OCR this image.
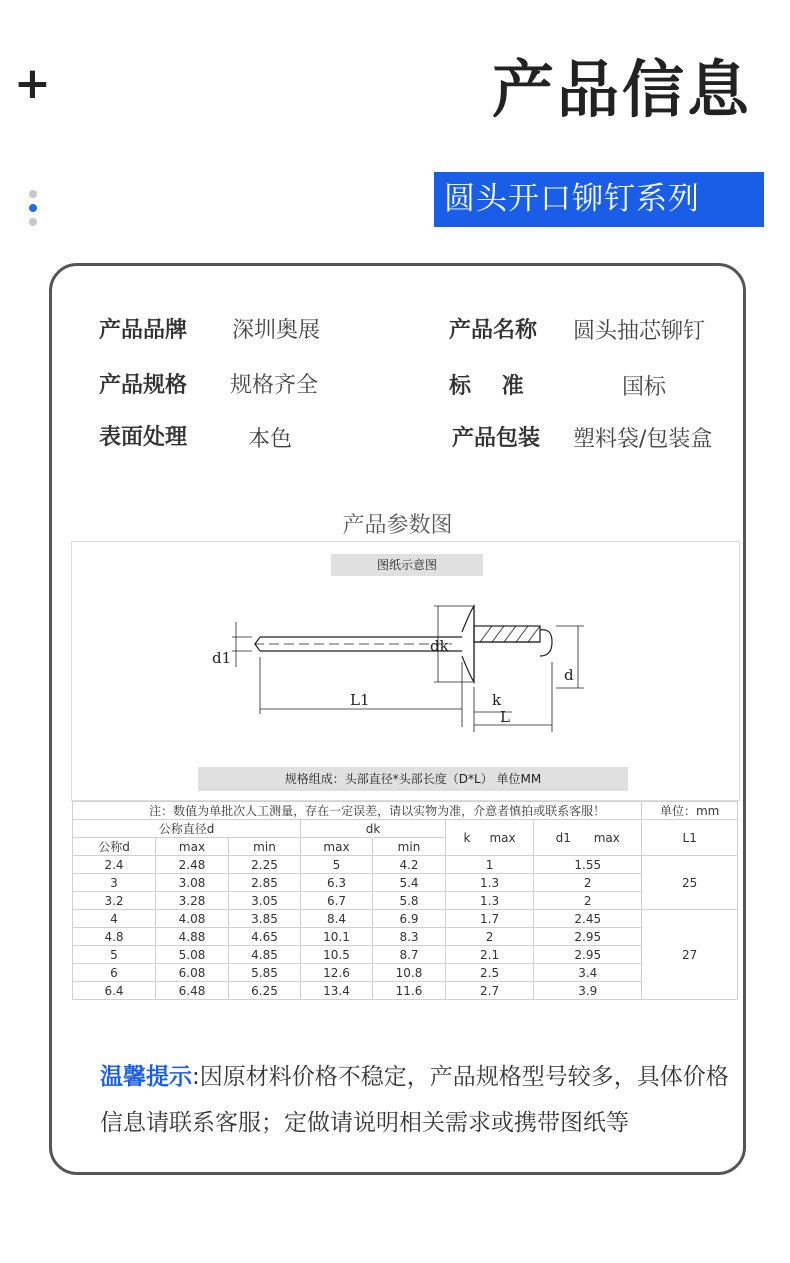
+	产品信息
圆头开口铆钉系列
产品品牌 深圳奥展	产品名称 圆头抽芯铆钉
产品规格 规格齐全	标    准	国标
表面处理	本色	产品包装 塑料袋/包装盒
产品参数图
图纸示意图
d1
dk
L1	k
L
d
规格组成：头部直径*头部长度（D*L） 单位MM
注：数值为单批次人工测量，存在一定误差，请以实物为准，介意者慎拍或联系客服！							单位：mm
公称直径d			dk		k     max	d1      max	L1
公称d	max	min	max	min			
2.4	2.48	2.25	5	4.2	1	1.55	25
3	3.08	2.85	6.3	5.4	1.3	2	
3.2	3.28	3.05	6.7	5.8	1.3	2	
4	4.08	3.85	8.4	6.9	1.7	2.45	27
4.8	4.88	4.65	10.1	8.3	2	2.95	
5	5.08	4.85	10.5	8.7	2.1	2.95	
6	6.08	5.85	12.6	10.8	2.5	3.4	
6.4	6.48	6.25	13.4	11.6	2.7	3.9	
温馨提示:因原材料价格不稳定，产品规格型号较多，具体价格信息请联系客服；定做请说明相关需求或携带图纸等
